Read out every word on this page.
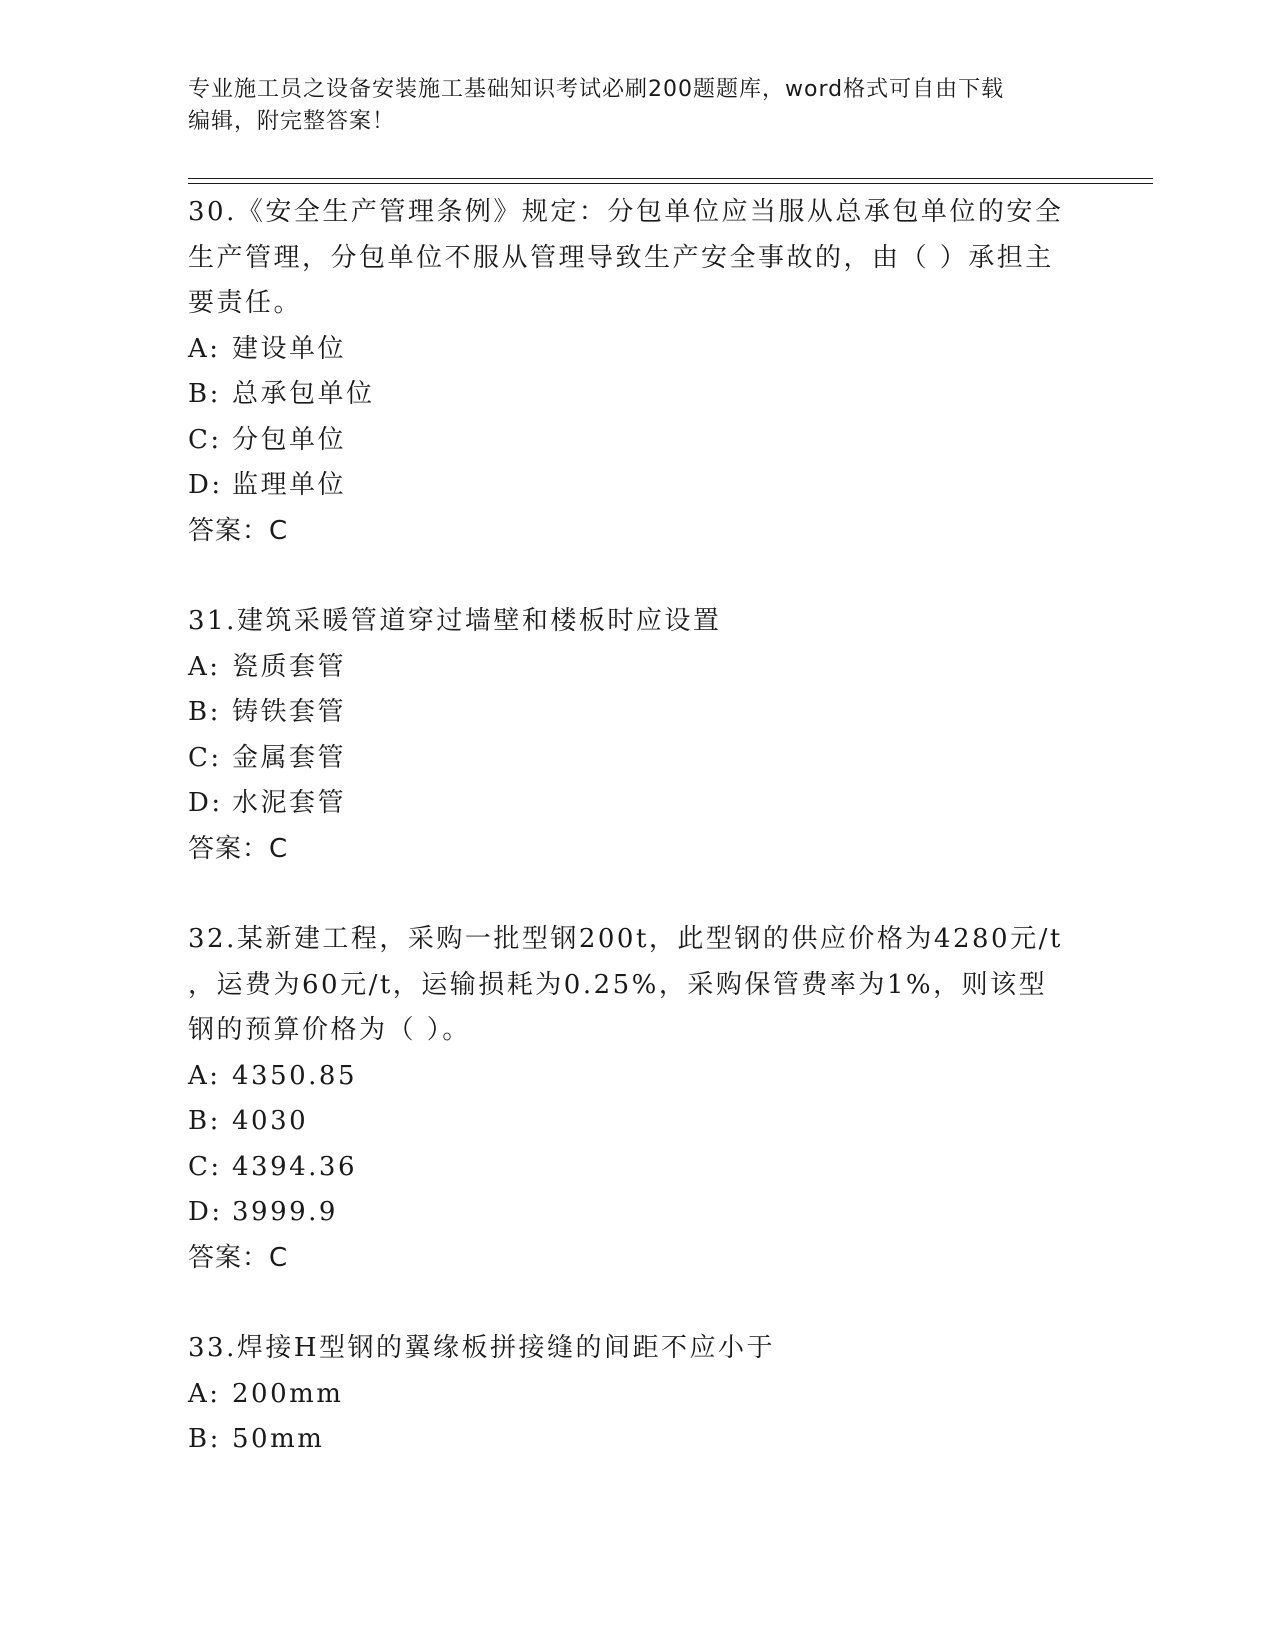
专业施工员之设备安装施工基础知识考试必刷200题题库，word格式可自由下载
编辑，附完整答案！

30.《安全生产管理条例》规定：分包单位应当服从总承包单位的安全

生产管理，分包单位不服从管理导致生产安全事故的，由（ ）承担主

要责任。

A: 建设单位

B: 总承包单位

C: 分包单位

D: 监理单位

答案：C

31.建筑采暖管道穿过墙壁和楼板时应设置

A: 瓷质套管

B: 铸铁套管

C: 金属套管

D: 水泥套管

答案：C

32.某新建工程，采购一批型钢200t，此型钢的供应价格为4280元/t

，运费为60元/t，运输损耗为0.25%，采购保管费率为1%，则该型

钢的预算价格为（ ）。

A: 4350.85

B: 4030

C: 4394.36

D: 3999.9

答案：C

33.焊接H型钢的翼缘板拼接缝的间距不应小于

A: 200mm

B: 50mm
